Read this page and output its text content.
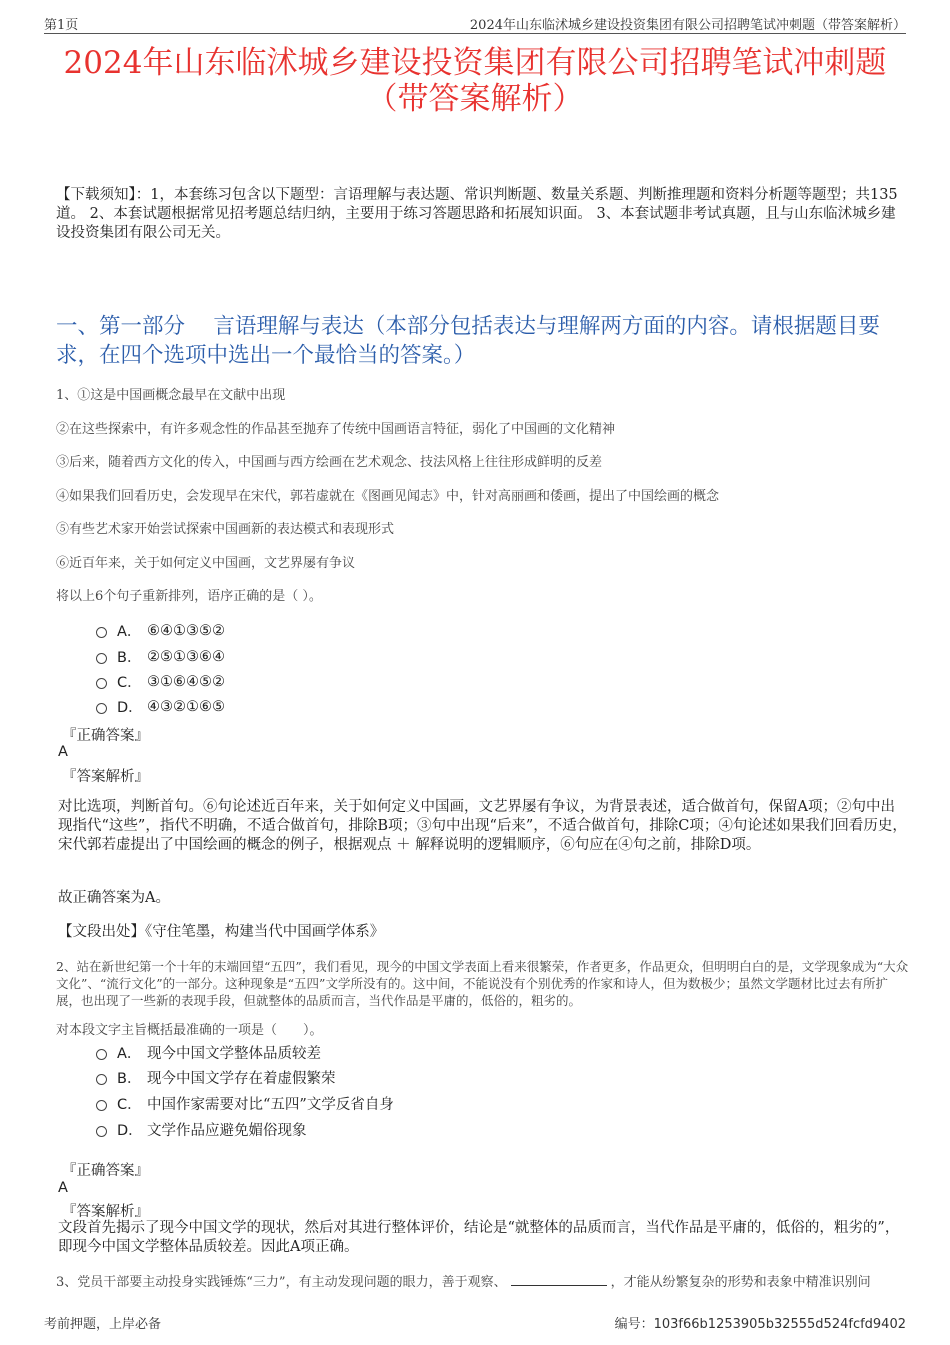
第1页	2024年山东临沭城乡建设投资集团有限公司招聘笔试冲刺题（带答案解析）
2024年山东临沭城乡建设投资集团有限公司招聘笔试冲刺题
（带答案解析）
【下载须知】：1，本套练习包含以下题型：言语理解与表达题、常识判断题、数量关系题、判断推理题和资料分析题等题型；共135道。 2、本套试题根据常见招考题总结归纳，主要用于练习答题思路和拓展知识面。 3、本套试题非考试真题，且与山东临沭城乡建设投资集团有限公司无关。
一、第一部分　 言语理解与表达（本部分包括表达与理解两方面的内容。请根据题目要求，在四个选项中选出一个最恰当的答案。）
1、①这是中国画概念最早在文献中出现
②在这些探索中，有许多观念性的作品甚至抛弃了传统中国画语言特征，弱化了中国画的文化精神
③后来，随着西方文化的传入，中国画与西方绘画在艺术观念、技法风格上往往形成鲜明的反差
④如果我们回看历史，会发现早在宋代，郭若虚就在《图画见闻志》中，针对高丽画和倭画，提出了中国绘画的概念
⑤有些艺术家开始尝试探索中国画新的表达模式和表现形式
⑥近百年来，关于如何定义中国画，文艺界屡有争议
将以上6个句子重新排列，语序正确的是（ ）。
A． ⑥④①③⑤②
B． ②⑤①③⑥④
C． ③①⑥④⑤②
D． ④③②①⑥⑤
『正确答案』
A
『答案解析』
对比选项，判断首句。⑥句论述近百年来，关于如何定义中国画，文艺界屡有争议，为背景表述，适合做首句，保留A项；②句中出现指代“这些”，指代不明确，不适合做首句，排除B项；③句中出现“后来”，不适合做首句，排除C项；④句论述如果我们回看历史，宋代郭若虚提出了中国绘画的概念的例子，根据观点 ＋ 解释说明的逻辑顺序，⑥句应在④句之前，排除D项。
故正确答案为A。
【文段出处】《守住笔墨，构建当代中国画学体系》
2、站在新世纪第一个十年的末端回望“五四”，我们看见，现今的中国文学表面上看来很繁荣，作者更多，作品更众，但明明白白的是，文学现象成为“大众文化”、“流行文化”的一部分。这种现象是“五四”文学所没有的。这中间，不能说没有个别优秀的作家和诗人，但为数极少；虽然文学题材比过去有所扩展，也出现了一些新的表现手段，但就整体的品质而言，当代作品是平庸的，低俗的，粗劣的。
对本段文字主旨概括最准确的一项是（　　）。
A． 现今中国文学整体品质较差
B． 现今中国文学存在着虚假繁荣
C． 中国作家需要对比“五四”文学反省自身
D． 文学作品应避免媚俗现象
『正确答案』
A
『答案解析』
文段首先揭示了现今中国文学的现状，然后对其进行整体评价，结论是“就整体的品质而言，当代作品是平庸的，低俗的，粗劣的”，即现今中国文学整体品质较差。因此A项正确。
3、党员干部要主动投身实践锤炼“三力”，有主动发现问题的眼力，善于观察、	，才能从纷繁复杂的形势和表象中精准识别问
考前押题，上岸必备	编号：103f66b1253905b32555d524fcfd9402
